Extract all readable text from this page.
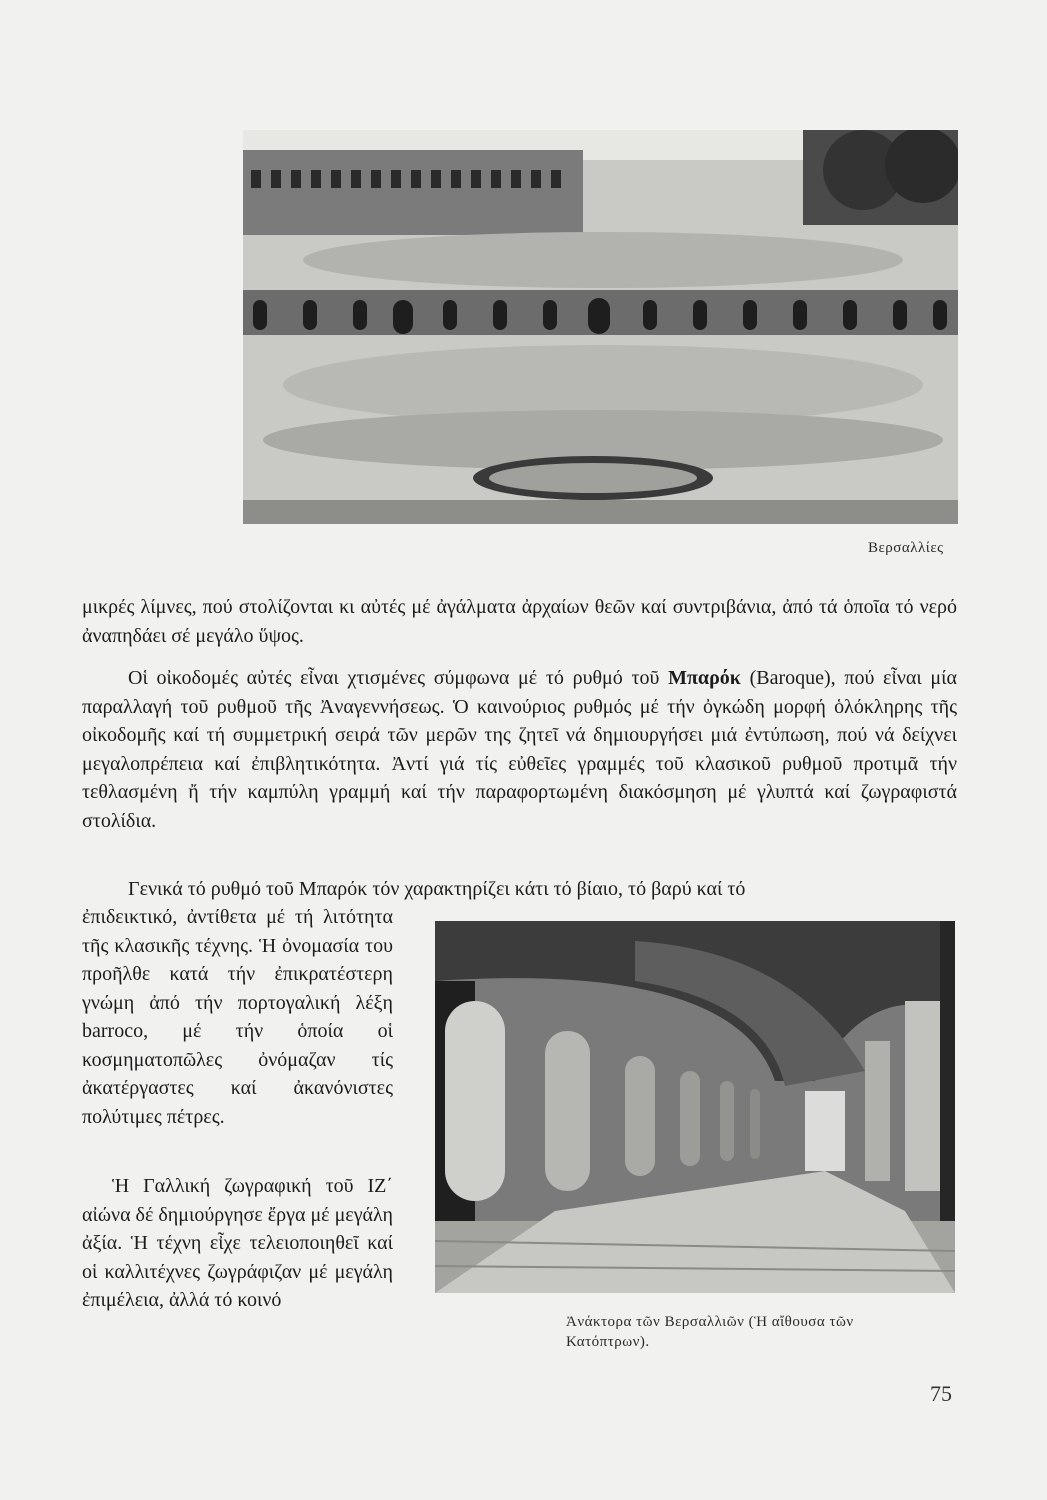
Βερσαλλίες

μικρές λίμνες, πού στολίζονται κι αὐτές μέ ἀγάλματα ἀρχαίων θεῶν καί συντριβάνια, ἀπό τά ὁποῖα τό νερό ἀναπηδάει σέ μεγάλο ὕψος.

Οἱ οἰκοδομές αὐτές εἶναι χτισμένες σύμφωνα μέ τό ρυθμό τοῦ Μπαρόκ (Baroque), πού εἶναι μία παραλλαγή τοῦ ρυθμοῦ τῆς Ἀναγεννήσεως. Ὁ καινούριος ρυθμός μέ τήν ὀγκώδη μορφή ὁλόκληρης τῆς οἰκοδομῆς καί τή συμμετρική σειρά τῶν μερῶν της ζητεῖ νά δημιουργήσει μιά ἐντύπωση, πού νά δείχνει μεγαλοπρέπεια καί ἐπιβλητικότητα. Ἀντί γιά τίς εὐθεῖες γραμμές τοῦ κλασικοῦ ρυθμοῦ προτιμᾶ τήν τεθλασμένη ἤ τήν καμπύλη γραμμή καί τήν παραφορτωμένη διακόσμηση μέ γλυπτά καί ζωγραφιστά στολίδια.

Γενικά τό ρυθμό τοῦ Μπαρόκ τόν χαρακτηρίζει κάτι τό βίαιο, τό βαρύ καί τό

ἐπιδεικτικό, ἀντίθετα μέ τή λιτότητα τῆς κλασικῆς τέχνης. Ἡ ὀνομασία του προῆλθε κατά τήν ἐπικρατέστερη γνώμη ἀπό τήν πορτογαλική λέξη barroco, μέ τήν ὁποία οἱ κοσμηματοπῶλες ὀνόμαζαν τίς ἀκατέργαστες καί ἀκανόνιστες πολύτιμες πέτρες.

Ἡ Γαλλική ζωγραφική τοῦ ΙΖ΄ αἰώνα δέ δημιούργησε ἔργα μέ μεγάλη ἀξία. Ἡ τέχνη εἶχε τελειοποιηθεῖ καί οἱ καλλιτέχνες ζωγράφιζαν μέ μεγάλη ἐπιμέλεια, ἀλλά τό κοινό

Ἀνάκτορα τῶν Βερσαλλιῶν (Ἡ αἴθουσα τῶν
Κατόπτρων).
75
